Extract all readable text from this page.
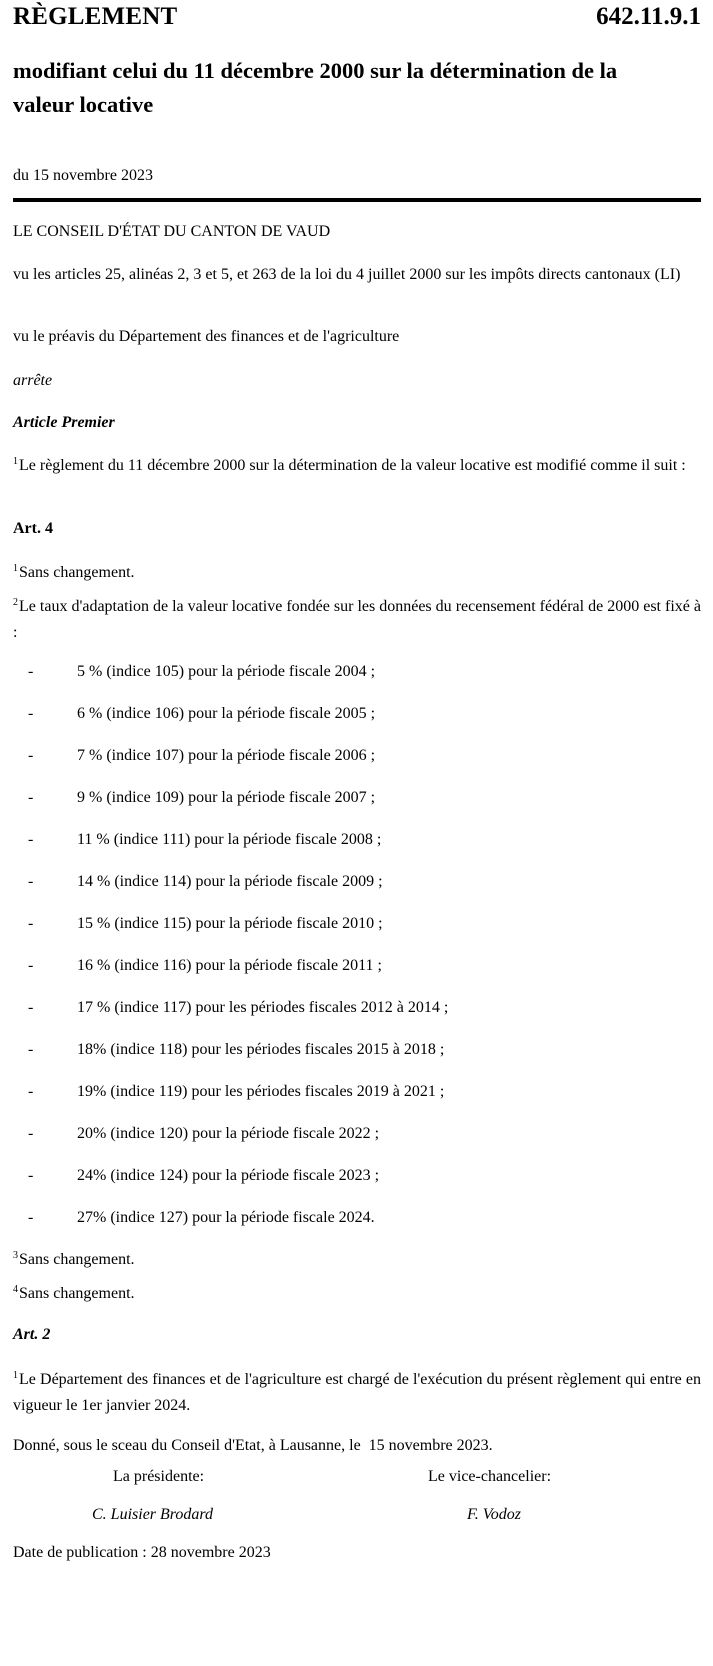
RÈGLEMENT	642.11.9.1
modifiant celui du 11 décembre 2000 sur la détermination de la valeur locative
du 15 novembre 2023
LE CONSEIL D'ÉTAT DU CANTON DE VAUD
vu les articles 25, alinéas 2, 3 et 5, et 263 de la loi du 4 juillet 2000 sur les impôts directs cantonaux (LI)
vu le préavis du Département des finances et de l'agriculture
arrête
Article Premier
$^1$Le règlement du 11 décembre 2000 sur la détermination de la valeur locative est modifié comme il suit :
Art. 4
$^1$Sans changement.
$^2$Le taux d'adaptation de la valeur locative fondée sur les données du recensement fédéral de 2000 est fixé à :
-	5 % (indice 105) pour la période fiscale 2004 ;
-	6 % (indice 106) pour la période fiscale 2005 ;
-	7 % (indice 107) pour la période fiscale 2006 ;
-	9 % (indice 109) pour la période fiscale 2007 ;
-	11 % (indice 111) pour la période fiscale 2008 ;
-	14 % (indice 114) pour la période fiscale 2009 ;
-	15 % (indice 115) pour la période fiscale 2010 ;
-	16 % (indice 116) pour la période fiscale 2011 ;
-	17 % (indice 117) pour les périodes fiscales 2012 à 2014 ;
-	18% (indice 118) pour les périodes fiscales 2015 à 2018 ;
-	19% (indice 119) pour les périodes fiscales 2019 à 2021 ;
-	20% (indice 120) pour la période fiscale 2022 ;
-	24% (indice 124) pour la période fiscale 2023 ;
-	27% (indice 127) pour la période fiscale 2024.
$^3$Sans changement.
$^4$Sans changement.
Art. 2
$^1$Le Département des finances et de l'agriculture est chargé de l'exécution du présent règlement qui entre en vigueur le 1er janvier 2024.
Donné, sous le sceau du Conseil d'Etat, à Lausanne, le  15 novembre 2023.
La présidente:	Le vice-chancelier:
C. Luisier Brodard	F. Vodoz
Date de publication : 28 novembre 2023
